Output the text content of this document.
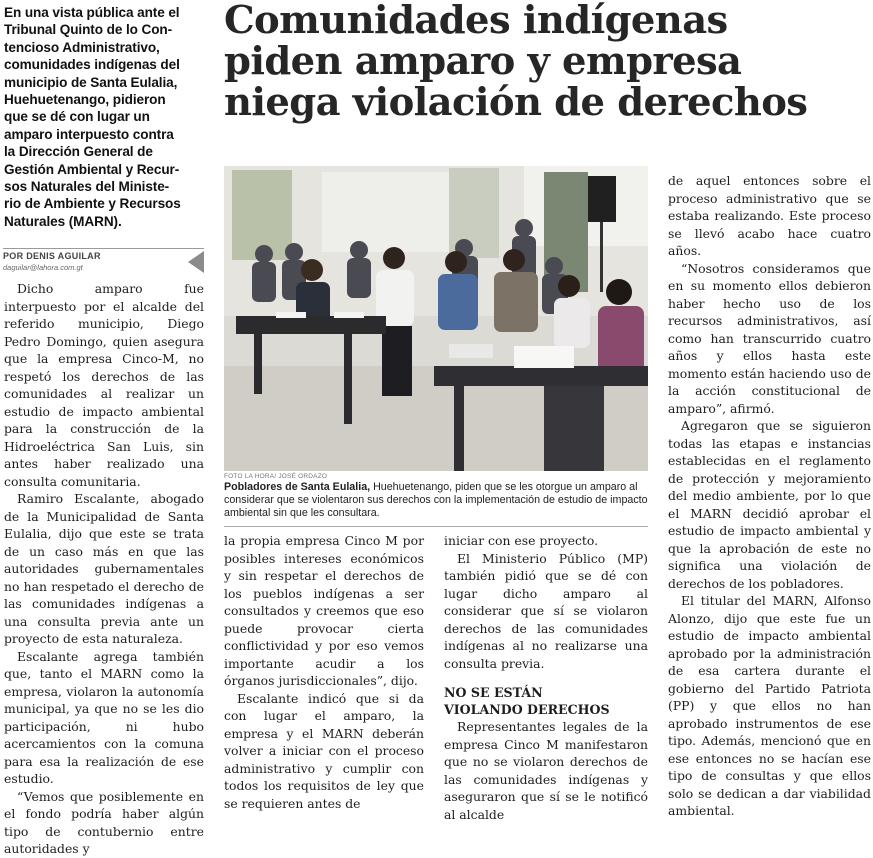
En una vista pública ante el
Tribunal Quinto de lo Con-
tencioso Administrativo,
comunidades indígenas del
municipio de Santa Eulalia,
Huehuetenango, pidieron
que se dé con lugar un
amparo interpuesto contra
la Dirección General de
Gestión Ambiental y Recur-
sos Naturales del Ministe-
rio de Ambiente y Recursos
Naturales (MARN).
POR DENIS AGUILAR
daguilar@lahora.com.gt
Comunidades indígenas
piden amparo y empresa
niega violación de derechos
FOTO LA HORA/ JOSÉ ORDAZO
Pobladores de Santa Eulalia, Huehuetenango, piden que se les otorgue un amparo al considerar que se violentaron sus derechos con la implementación de estudio de impacto ambiental sin que les consultara.

Dicho amparo fue interpuesto por el alcalde del referido municipio, Diego Pedro Domingo, quien asegura que la empresa Cinco-M, no respetó los derechos de las comunidades al realizar un estudio de impacto ambiental para la construcción de la Hidroeléctrica San Luis, sin antes haber realizado una consulta comunitaria.

Ramiro Escalante, abogado de la Municipalidad de Santa Eulalia, dijo que este se trata de un caso más en que las autoridades gubernamentales no han respetado el derecho de las comunidades indígenas a una consulta previa ante un proyecto de esta naturaleza.

Escalante agrega también que, tanto el MARN como la empresa, violaron la autonomía municipal, ya que no se les dio participación, ni hubo acercamientos con la comuna para esa la realización de ese estudio.

“Vemos que posiblemente en el fondo podría haber algún tipo de contubernio entre autoridades y

la propia empresa Cinco M por posibles intereses económicos y sin respetar el derechos de los pueblos indígenas a ser consultados y creemos que eso puede provocar cierta conflictividad y por eso vemos importante acudir a los órganos jurisdiccionales”, dijo.

Escalante indicó que si da con lugar el amparo, la empresa y el MARN deberán volver a iniciar con el proceso administrativo y cumplir con todos los requisitos de ley que se requieren antes de

iniciar con ese proyecto.

El Ministerio Público (MP) también pidió que se dé con lugar dicho amparo al considerar que sí se violaron derechos de las comunidades indígenas al no realizarse una consulta previa.

NO SE ESTÁN
VIOLANDO DERECHOS

Representantes legales de la empresa Cinco M manifestaron que no se violaron derechos de las comunidades indígenas y aseguraron que sí se le notificó al alcalde

de aquel entonces sobre el proceso administrativo que se estaba realizando. Este proceso se llevó acabo hace cuatro años.

“Nosotros consideramos que en su momento ellos debieron haber hecho uso de los recursos administrativos, así como han transcurrido cuatro años y ellos hasta este momento están haciendo uso de la acción constitucional de amparo”, afirmó.

Agregaron que se siguieron todas las etapas e instancias establecidas en el reglamento de protección y mejoramiento del medio ambiente, por lo que el MARN decidió aprobar el estudio de impacto ambiental y que la aprobación de este no significa una violación de derechos de los pobladores.

El titular del MARN, Alfonso Alonzo, dijo que este fue un estudio de impacto ambiental aprobado por la administración de esa cartera durante el gobierno del Partido Patriota (PP) y que ellos no han aprobado instrumentos de ese tipo. Además, mencionó que en ese entonces no se hacían ese tipo de consultas y que ellos solo se dedican a dar viabilidad ambiental.
